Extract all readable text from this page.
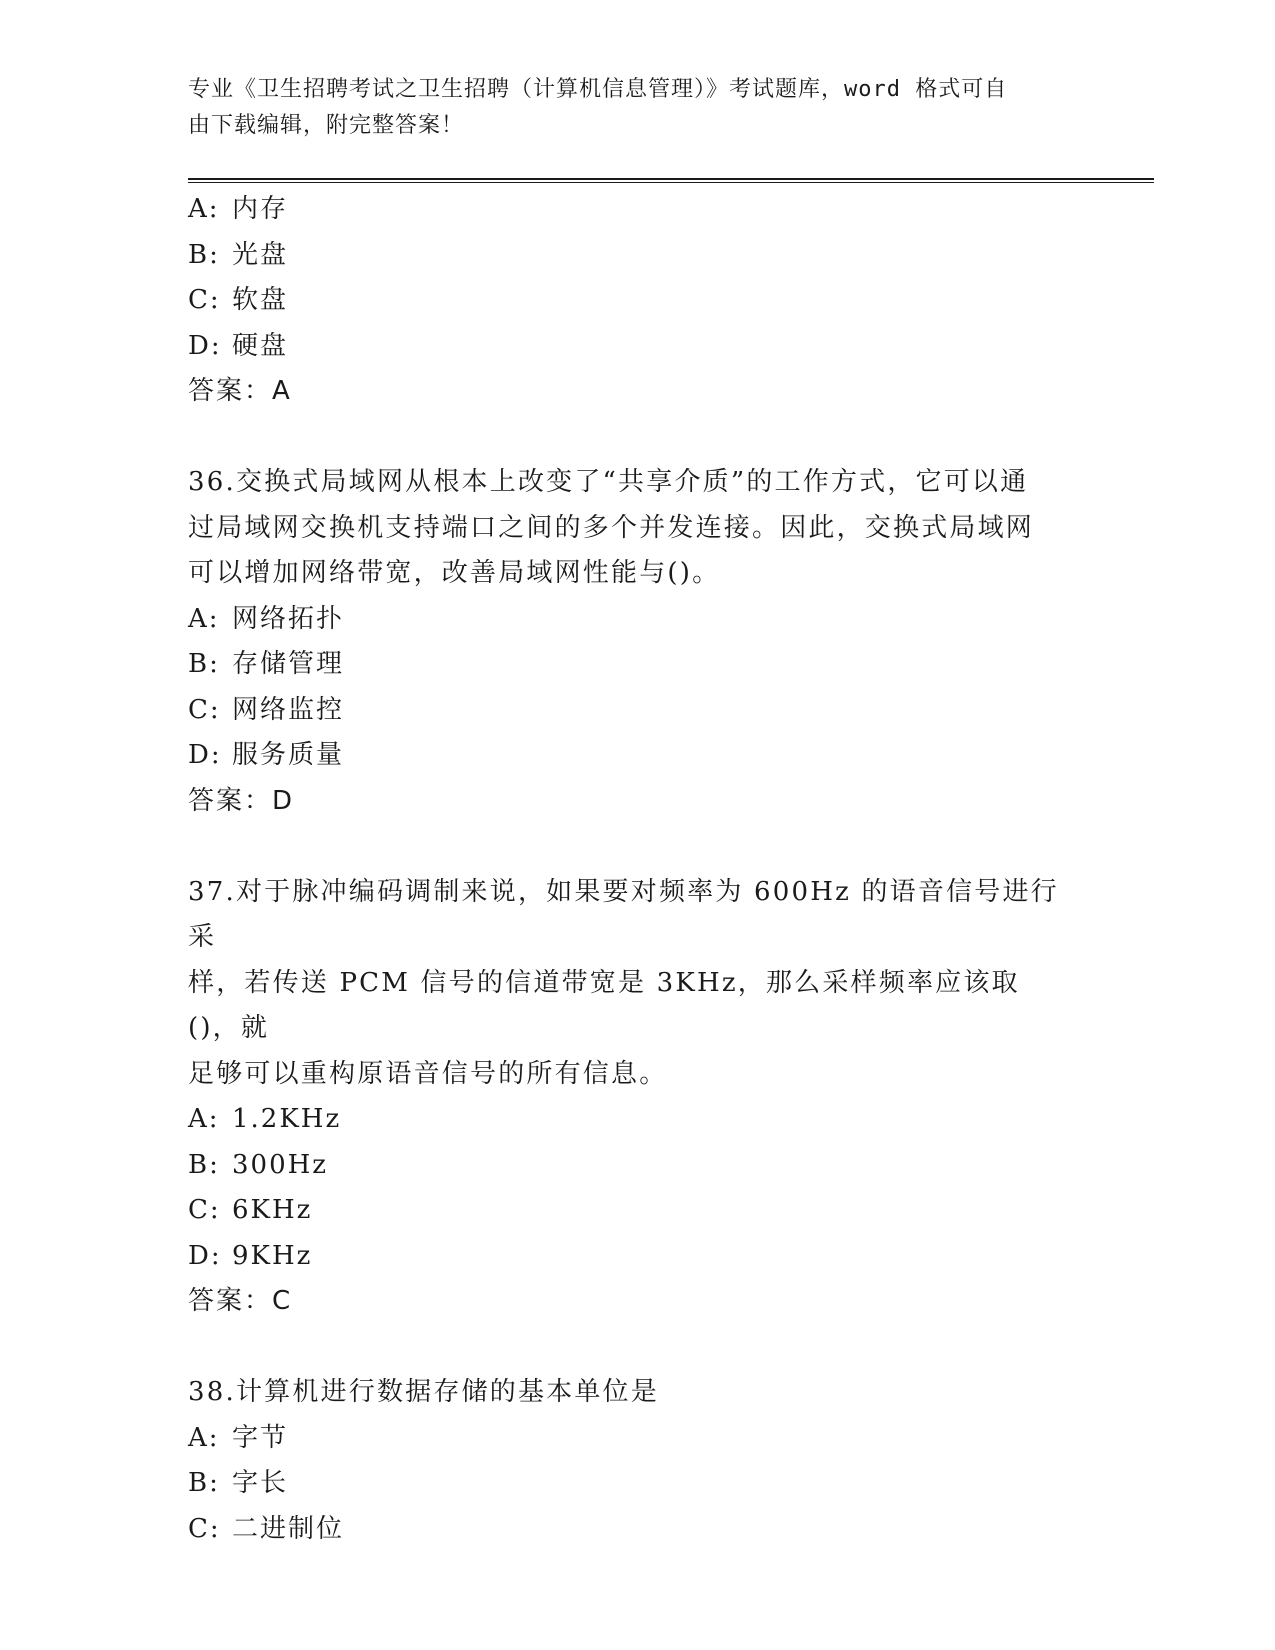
专业《卫生招聘考试之卫生招聘（计算机信息管理）》考试题库，word 格式可自
由下载编辑，附完整答案！
A: 内存
B: 光盘
C: 软盘
D: 硬盘
答案：A
36.交换式局域网从根本上改变了“共享介质”的工作方式，它可以通
过局域网交换机支持端口之间的多个并发连接。因此，交换式局域网
可以增加网络带宽，改善局域网性能与()。
A: 网络拓扑
B: 存储管理
C: 网络监控
D: 服务质量
答案：D
37.对于脉冲编码调制来说，如果要对频率为 600Hz 的语音信号进行采
样，若传送 PCM 信号的信道带宽是 3KHz，那么采样频率应该取()，就
足够可以重构原语音信号的所有信息。
A: 1.2KHz
B: 300Hz
C: 6KHz
D: 9KHz
答案：C
38.计算机进行数据存储的基本单位是
A: 字节
B: 字长
C: 二进制位
